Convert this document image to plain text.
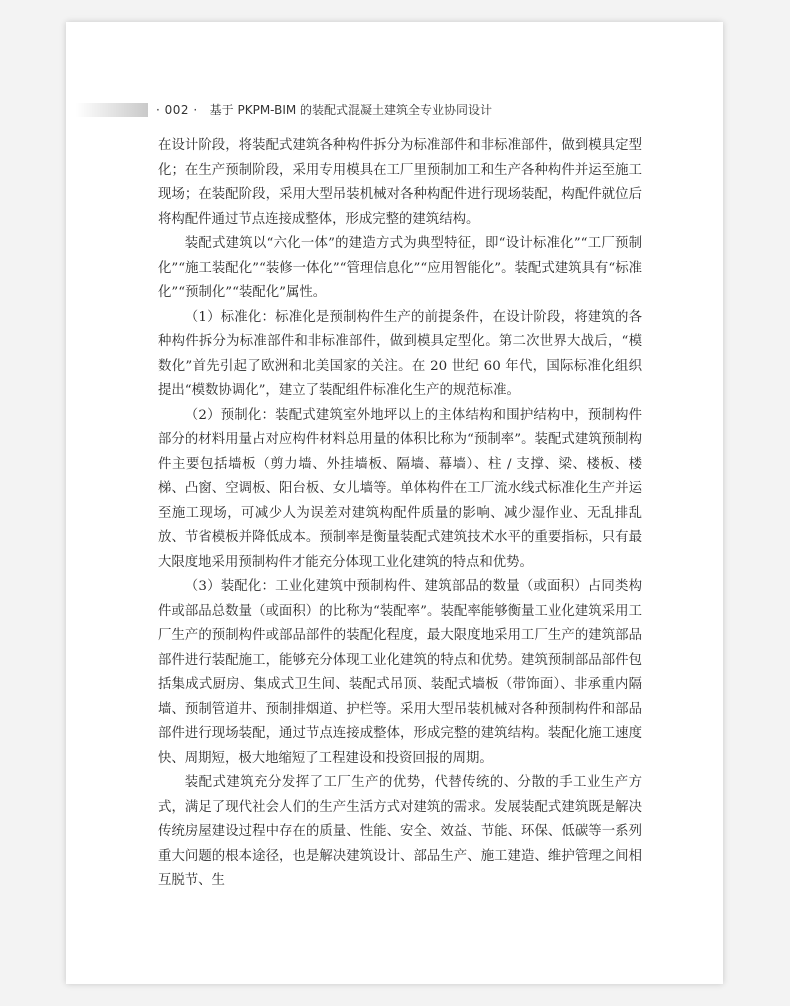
· 002 · 基于 PKPM-BIM 的装配式混凝土建筑全专业协同设计

在设计阶段，将装配式建筑各种构件拆分为标准部件和非标准部件，做到模具定型化；在生产预制阶段，采用专用模具在工厂里预制加工和生产各种构件并运至施工现场；在装配阶段，采用大型吊装机械对各种构配件进行现场装配，构配件就位后将构配件通过节点连接成整体，形成完整的建筑结构。

装配式建筑以“六化一体”的建造方式为典型特征，即“设计标准化”“工厂预制化”“施工装配化”“装修一体化”“管理信息化”“应用智能化”。装配式建筑具有“标准化”“预制化”“装配化”属性。

（1）标准化：标准化是预制构件生产的前提条件，在设计阶段，将建筑的各种构件拆分为标准部件和非标准部件，做到模具定型化。第二次世界大战后，“模数化”首先引起了欧洲和北美国家的关注。在 20 世纪 60 年代，国际标准化组织提出“模数协调化”，建立了装配组件标准化生产的规范标准。

（2）预制化：装配式建筑室外地坪以上的主体结构和围护结构中，预制构件部分的材料用量占对应构件材料总用量的体积比称为“预制率”。装配式建筑预制构件主要包括墙板（剪力墙、外挂墙板、隔墙、幕墙）、柱 / 支撑、梁、楼板、楼梯、凸窗、空调板、阳台板、女儿墙等。单体构件在工厂流水线式标准化生产并运至施工现场，可减少人为误差对建筑构配件质量的影响、减少湿作业、无乱排乱放、节省模板并降低成本。预制率是衡量装配式建筑技术水平的重要指标，只有最大限度地采用预制构件才能充分体现工业化建筑的特点和优势。

（3）装配化：工业化建筑中预制构件、建筑部品的数量（或面积）占同类构件或部品总数量（或面积）的比称为“装配率”。装配率能够衡量工业化建筑采用工厂生产的预制构件或部品部件的装配化程度，最大限度地采用工厂生产的建筑部品部件进行装配施工，能够充分体现工业化建筑的特点和优势。建筑预制部品部件包括集成式厨房、集成式卫生间、装配式吊顶、装配式墙板（带饰面）、非承重内隔墙、预制管道井、预制排烟道、护栏等。采用大型吊装机械对各种预制构件和部品部件进行现场装配，通过节点连接成整体，形成完整的建筑结构。装配化施工速度快、周期短，极大地缩短了工程建设和投资回报的周期。

装配式建筑充分发挥了工厂生产的优势，代替传统的、分散的手工业生产方式，满足了现代社会人们的生产生活方式对建筑的需求。发展装配式建筑既是解决传统房屋建设过程中存在的质量、性能、安全、效益、节能、环保、低碳等一系列重大问题的根本途径，也是解决建筑设计、部品生产、施工建造、维护管理之间相互脱节、生
